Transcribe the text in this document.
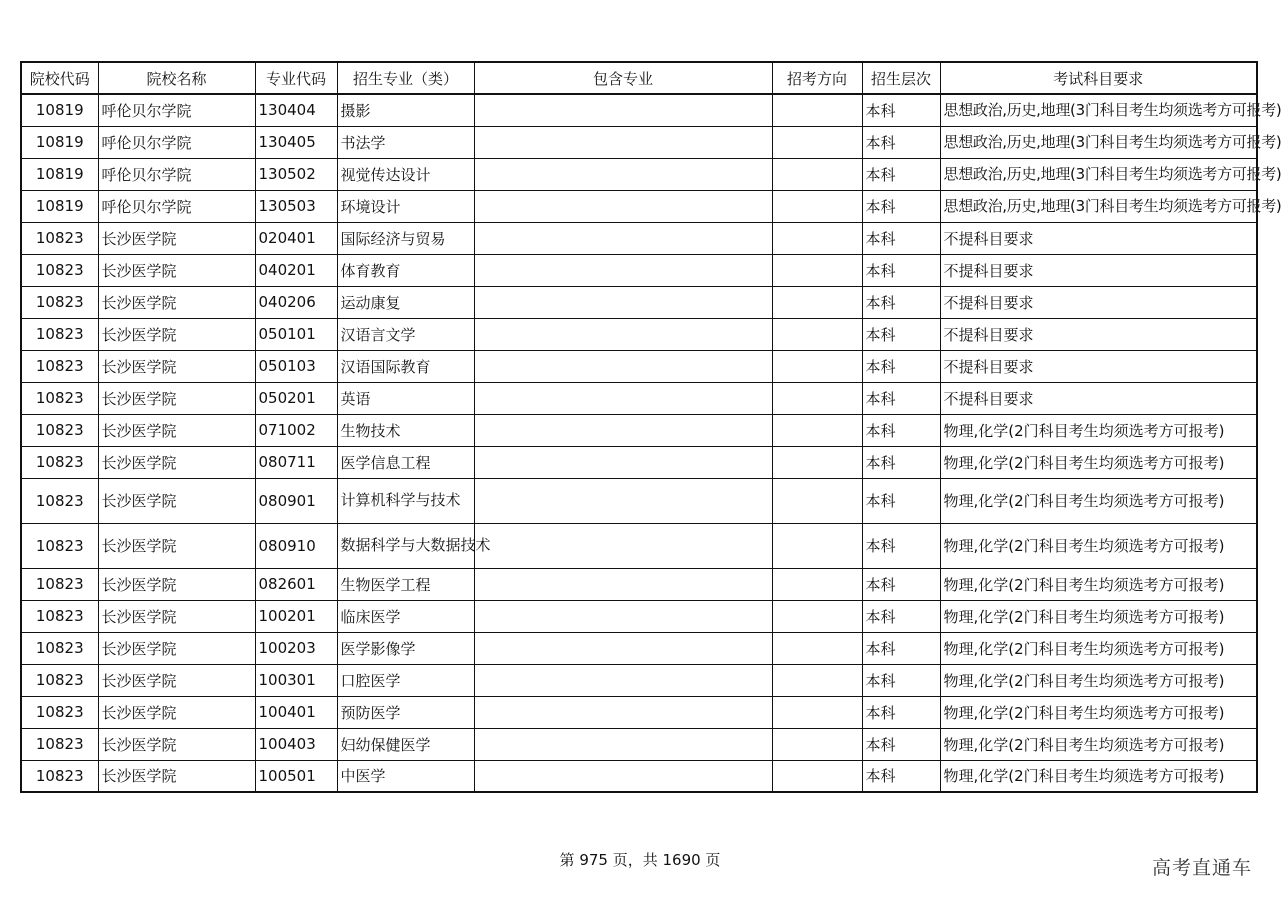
院校代码	院校名称	专业代码	招生专业（类）	包含专业	招考方向	招生层次	考试科目要求
10819	呼伦贝尔学院	130404	摄影			本科	思想政治,历史,地理(3门科目考生均须选考方可报考)
10819	呼伦贝尔学院	130405	书法学			本科	思想政治,历史,地理(3门科目考生均须选考方可报考)
10819	呼伦贝尔学院	130502	视觉传达设计			本科	思想政治,历史,地理(3门科目考生均须选考方可报考)
10819	呼伦贝尔学院	130503	环境设计			本科	思想政治,历史,地理(3门科目考生均须选考方可报考)
10823	长沙医学院	020401	国际经济与贸易			本科	不提科目要求
10823	长沙医学院	040201	体育教育			本科	不提科目要求
10823	长沙医学院	040206	运动康复			本科	不提科目要求
10823	长沙医学院	050101	汉语言文学			本科	不提科目要求
10823	长沙医学院	050103	汉语国际教育			本科	不提科目要求
10823	长沙医学院	050201	英语			本科	不提科目要求
10823	长沙医学院	071002	生物技术			本科	物理,化学(2门科目考生均须选考方可报考)
10823	长沙医学院	080711	医学信息工程			本科	物理,化学(2门科目考生均须选考方可报考)
10823	长沙医学院	080901	计算机科学与技术			本科	物理,化学(2门科目考生均须选考方可报考)
10823	长沙医学院	080910	数据科学与大数据技术			本科	物理,化学(2门科目考生均须选考方可报考)
10823	长沙医学院	082601	生物医学工程			本科	物理,化学(2门科目考生均须选考方可报考)
10823	长沙医学院	100201	临床医学			本科	物理,化学(2门科目考生均须选考方可报考)
10823	长沙医学院	100203	医学影像学			本科	物理,化学(2门科目考生均须选考方可报考)
10823	长沙医学院	100301	口腔医学			本科	物理,化学(2门科目考生均须选考方可报考)
10823	长沙医学院	100401	预防医学			本科	物理,化学(2门科目考生均须选考方可报考)
10823	长沙医学院	100403	妇幼保健医学			本科	物理,化学(2门科目考生均须选考方可报考)
10823	长沙医学院	100501	中医学			本科	物理,化学(2门科目考生均须选考方可报考)
第 975 页，共 1690 页	高考直通车
